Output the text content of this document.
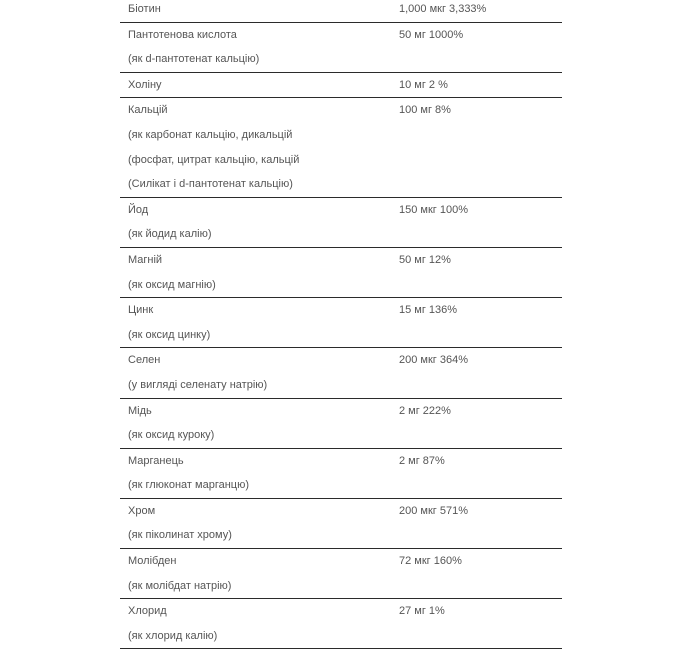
Біотин	1,000 мкг 3,333%

Пантотенова кислота
(як d-пантотенат кальцію)	50 мг 1000%

Холіну	10 мг 2 %

Кальцій
(як карбонат кальцію, дикальцій
(фосфат, цитрат кальцію, кальцій
(Силікат і d-пантотенат кальцію)	100 мг 8%

Йод
(як йодид калію)	150 мкг 100%

Магній
(як оксид магнію)	50 мг 12%

Цинк
(як оксид цинку)	15 мг 136%

Селен
(у вигляді селенату натрію)	200 мкг 364%

Мідь
(як оксид куроку)	2 мг 222%

Марганець
(як глюконат марганцю)	2 мг 87%

Хром
(як піколинат хрому)	200 мкг 571%

Молібден
(як молібдат натрію)	72 мкг 160%

Хлорид
(як хлорид калію)	27 мг 1%
